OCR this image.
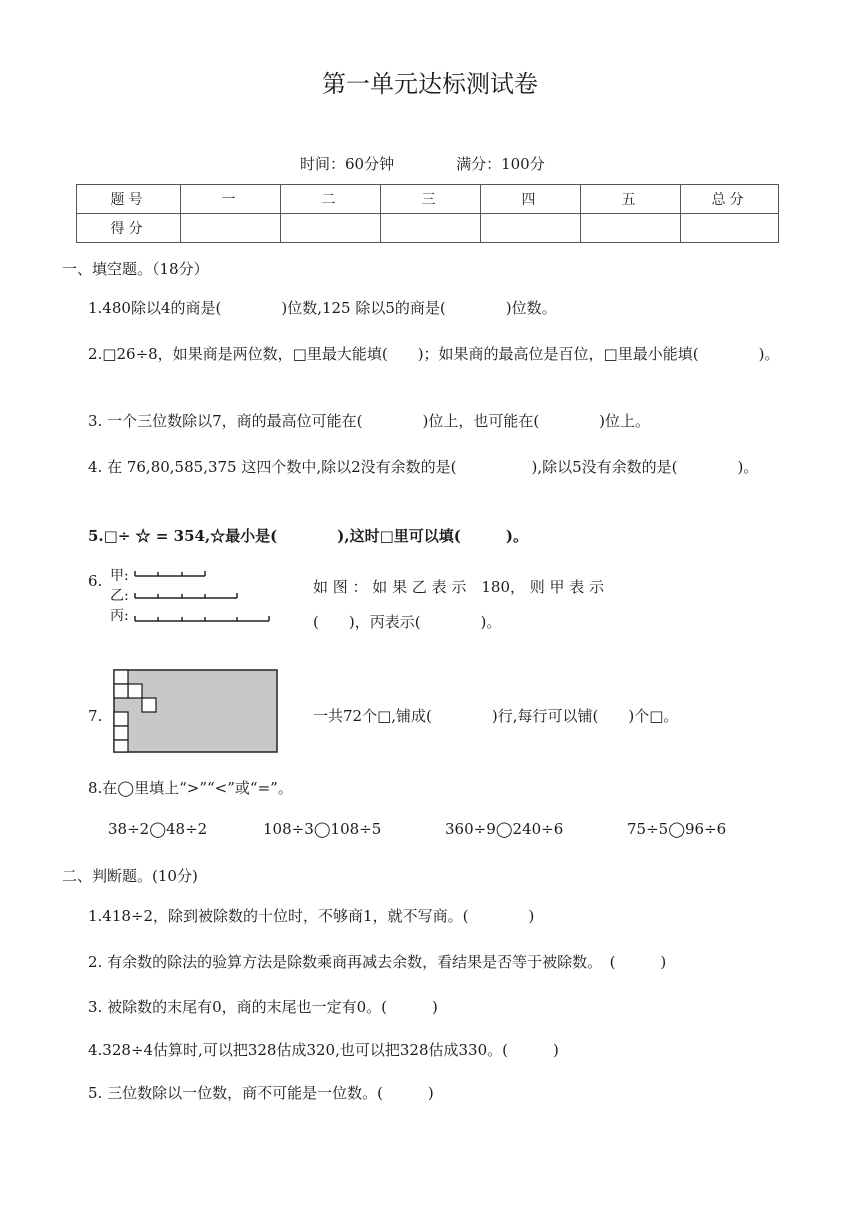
第一单元达标测试卷
时间：60分钟	满分：100分
题号	一	二	三	四	五	总分
得分						
一、填空题。（18分）
1.480除以4的商是(　　　　)位数,125 除以5的商是(　　　　)位数。
2.□26÷8，如果商是两位数，□里最大能填(　　)；如果商的最高位是百位，□里最小能填(　　　　)。
3. 一个三位数除以7，商的最高位可能在(　　　　)位上，也可能在(　　　　)位上。
4. 在 76,80,585,375 这四个数中,除以2没有余数的是(　　　　　),除以5没有余数的是(　　　　)。
5.□÷ ☆ = 354,☆最小是(　　　　),这时□里可以填(　　　)。
6. 甲:
乙:
丙:
如 图 ： 如 果 乙 表 示　180， 则 甲 表 示
(　　)，丙表示(　　　　)。
7.	一共72个□,铺成(　　　　)行,每行可以铺(　　)个□。
8.在◯里填上“>”“<”或“=”。
38÷2◯48÷2	108÷3◯108÷5	360÷9◯240÷6	75÷5◯96÷6
二、判断题。(10分)
1.418÷2，除到被除数的十位时，不够商1，就不写商。(　　　　)
2. 有余数的除法的验算方法是除数乘商再减去余数，看结果是否等于被除数。　(　　　)
3. 被除数的末尾有0，商的末尾也一定有0。(　　　)
4.328÷4估算时,可以把328估成320,也可以把328估成330。(　　　)
5. 三位数除以一位数，商不可能是一位数。(　　　)
